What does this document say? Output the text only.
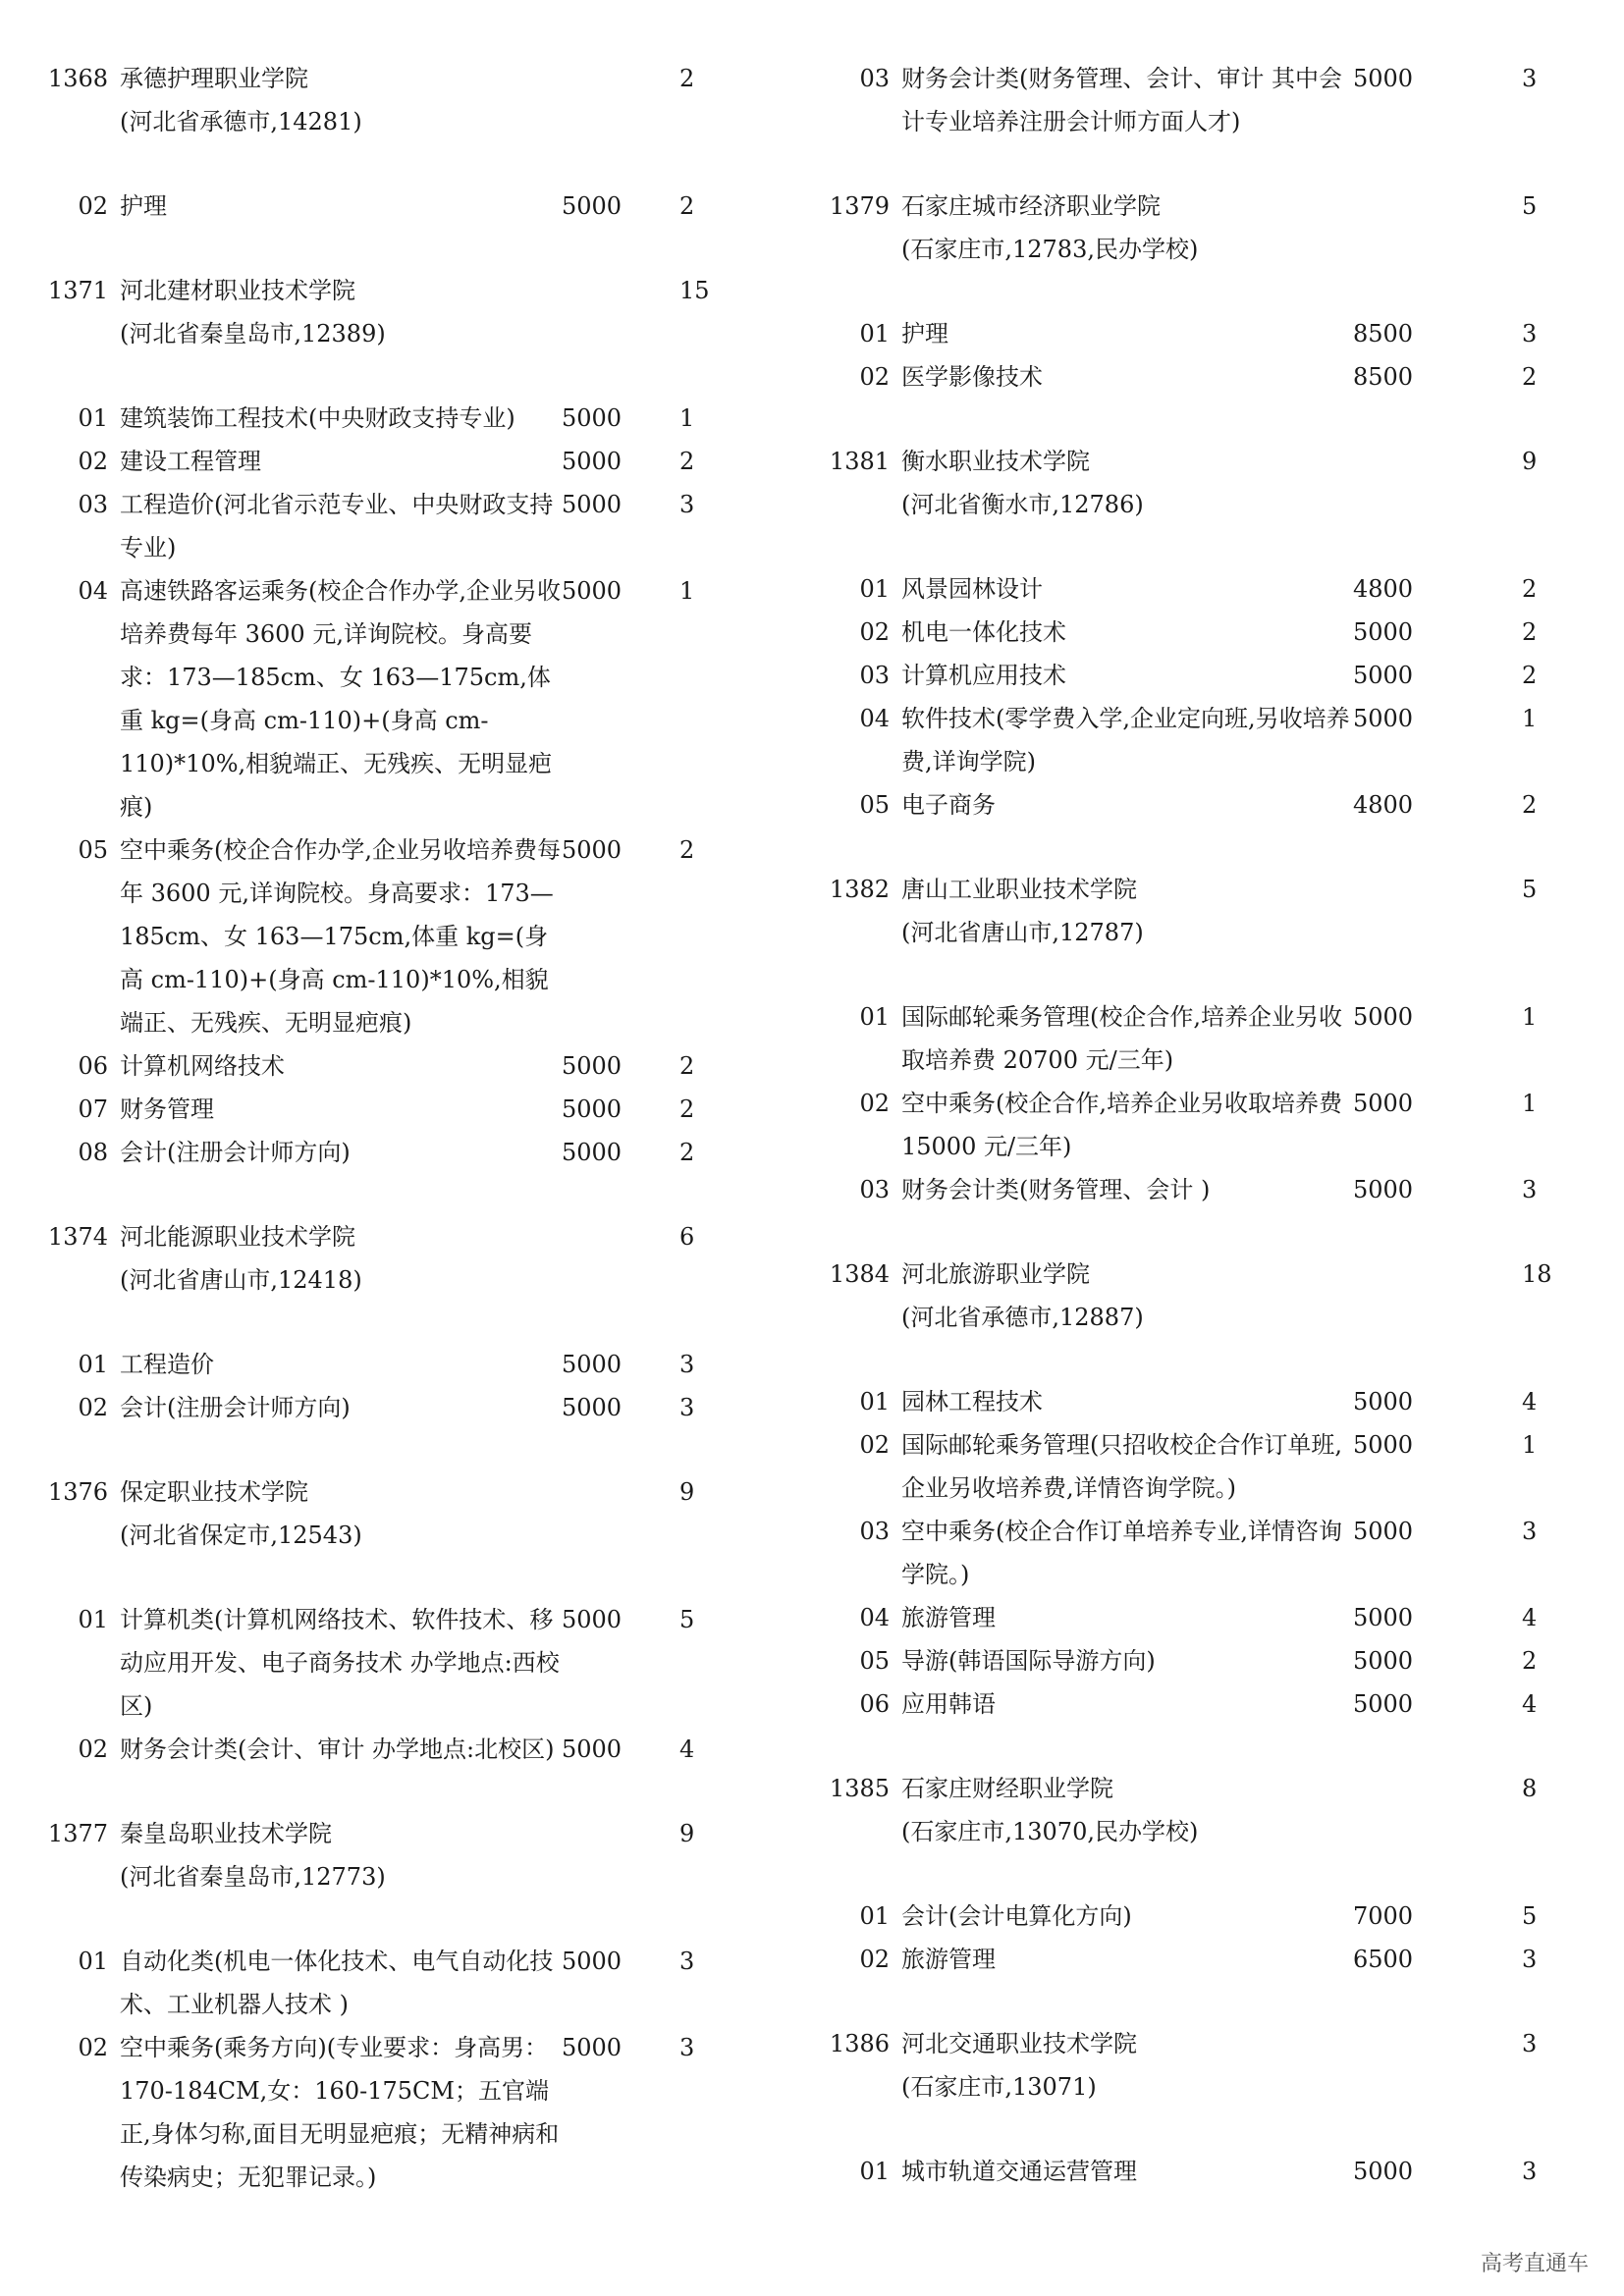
1368 承德护理职业学院	2
(河北省承德市,14281)
02 护理	5000	2
1371 河北建材职业技术学院	15
(河北省秦皇岛市,12389)
01 建筑装饰工程技术(中央财政支持专业)	5000	1
02 建设工程管理	5000	2
03 工程造价(河北省示范专业、中央财政支持专业)
5000	3
04 高速铁路客运乘务(校企合作办学,企业另收培养费每年 3600 元,详询院校。身高要求：173—185cm、女 163—175cm,体重 kg=(身高 cm-110)+(身高 cm-110)*10%,相貌端正、无残疾、无明显疤痕)
5000	1
05 空中乘务(校企合作办学,企业另收培养费每年 3600 元,详询院校。身高要求：173—185cm、女 163—175cm,体重 kg=(身高 cm-110)+(身高 cm-110)*10%,相貌端正、无残疾、无明显疤痕)
5000	2
06 计算机网络技术	5000	2
07 财务管理	5000	2
08 会计(注册会计师方向)	5000	2
1374 河北能源职业技术学院	6
(河北省唐山市,12418)
01 工程造价	5000	3
02 会计(注册会计师方向)	5000	3
1376 保定职业技术学院	9
(河北省保定市,12543)
01 计算机类(计算机网络技术、软件技术、移动应用开发、电子商务技术 办学地点:西校区)
5000	5
02 财务会计类(会计、审计 办学地点:北校区) 5000	4
1377 秦皇岛职业技术学院	9
(河北省秦皇岛市,12773)
01 自动化类(机电一体化技术、电气自动化技术、工业机器人技术 )
5000	3
02 空中乘务(乘务方向)(专业要求：身高男：170-184CM,女：160-175CM；五官端正,身体匀称,面目无明显疤痕；无精神病和传染病史；无犯罪记录。)
5000	3
03 财务会计类(财务管理、会计、审计 其中会计专业培养注册会计师方面人才)
5000	3
1379 石家庄城市经济职业学院	5
(石家庄市,12783,民办学校)
01 护理	8500	3
02 医学影像技术	8500	2
1381 衡水职业技术学院	9
(河北省衡水市,12786)
01 风景园林设计	4800	2
02 机电一体化技术	5000	2
03 计算机应用技术	5000	2
04 软件技术(零学费入学,企业定向班,另收培养费,详询学院)
5000	1
05 电子商务	4800	2
1382 唐山工业职业技术学院	5
(河北省唐山市,12787)
01 国际邮轮乘务管理(校企合作,培养企业另收取培养费 20700 元/三年)
5000	1
02 空中乘务(校企合作,培养企业另收取培养费 15000 元/三年)
5000	1
03 财务会计类(财务管理、会计 )	5000	3
1384 河北旅游职业学院	18
(河北省承德市,12887)
01 园林工程技术	5000	4
02 国际邮轮乘务管理(只招收校企合作订单班,企业另收培养费,详情咨询学院。)
5000	1
03 空中乘务(校企合作订单培养专业,详情咨询学院。)
5000	3
04 旅游管理	5000	4
05 导游(韩语国际导游方向)	5000	2
06 应用韩语	5000	4
1385 石家庄财经职业学院	8
(石家庄市,13070,民办学校)
01 会计(会计电算化方向)	7000	5
02 旅游管理	6500	3
1386 河北交通职业技术学院	3
(石家庄市,13071)
01 城市轨道交通运营管理	5000	3
高考直通车
